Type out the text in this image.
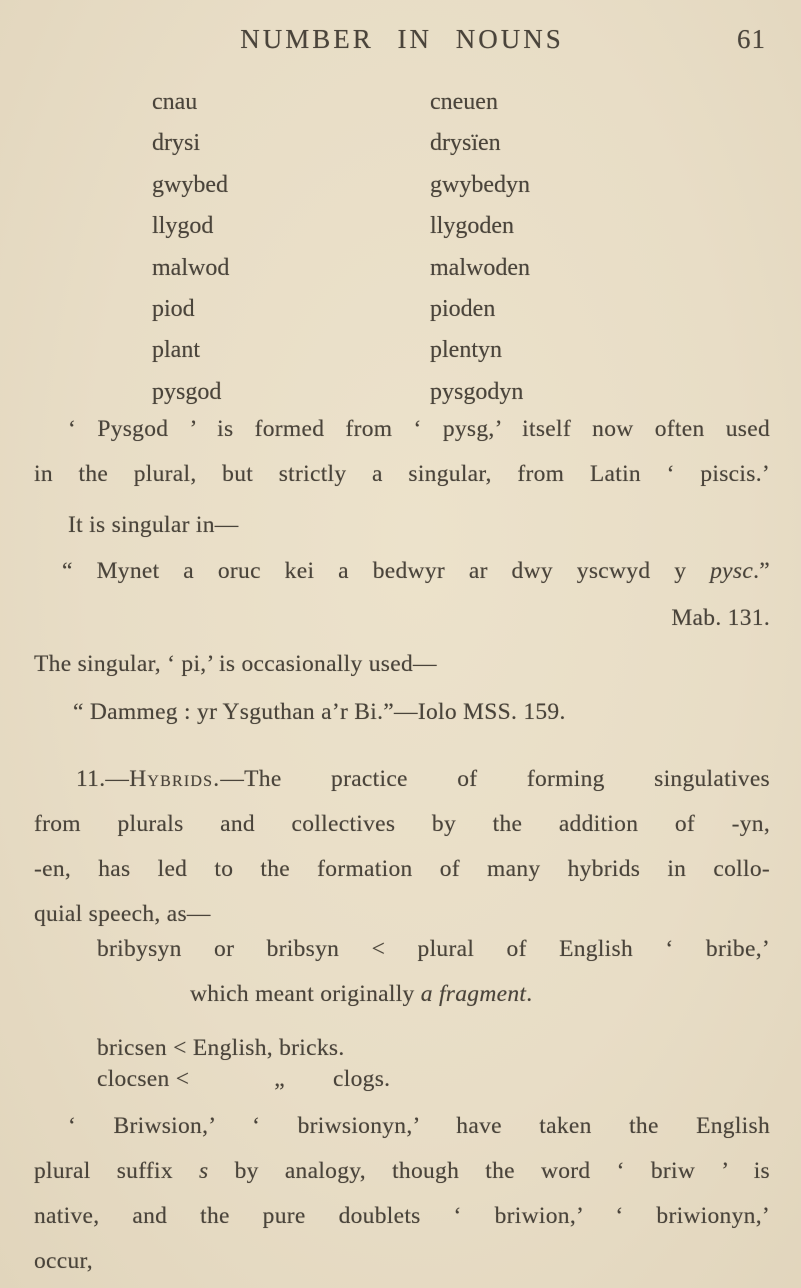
NUMBER IN NOUNS	61
cnau	cneuen
drysi	drysïen
gwybed	gwybedyn
llygod	llygoden
malwod	malwoden
piod	pioden
plant	plentyn
pysgod	pysgodyn
‘ Pysgod ’ is formed from ‘ pysg,’ itself now often used
in the plural, but strictly a singular, from Latin ‘ piscis.’
It is singular in—
“ Mynet a oruc kei a bedwyr ar dwy yscwyd y pysc.”
Mab. 131.
The singular, ‘ pi,’ is occasionally used—
“ Dammeg : yr Ysguthan a’r Bi.”—Iolo MSS. 159.
11.—Hybrids.—The practice of forming singulatives
from plurals and collectives by the addition of -yn,
-en, has led to the formation of many hybrids in collo-
quial speech, as—
bribysyn or bribsyn < plural of English ‘ bribe,’
which meant originally a fragment.
bricsen < English, bricks.
clocsen <	„ clogs.
‘ Briwsion,’ ‘ briwsionyn,’ have taken the English
plural suffix s by analogy, though the word ‘ briw ’ is
native, and the pure doublets ‘ briwion,’ ‘ briwionyn,’
occur,
